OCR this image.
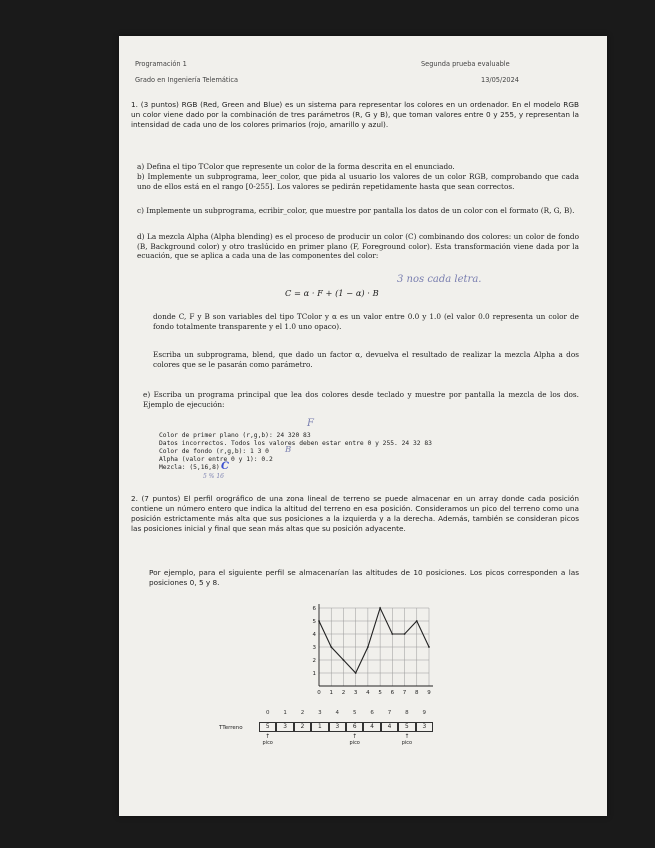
Programación 1
Grado en Ingeniería Telemática
Segunda prueba evaluable
13/05/2024
1. (3 puntos) RGB (Red, Green and Blue) es un sistema para representar los colores en un ordenador. En el modelo RGB un color viene dado por la combinación de tres parámetros (R, G y B), que toman valores entre 0 y 255, y representan la intensidad de cada uno de los colores primarios (rojo, amarillo y azul).
a) Defina el tipo TColor que represente un color de la forma descrita en el enunciado.
b) Implemente un subprograma, leer_color, que pida al usuario los valores de un color RGB, comprobando que cada uno de ellos está en el rango [0-255]. Los valores se pedirán repetidamente hasta que sean correctos.
c) Implemente un subprograma, ecribir_color, que muestre por pantalla los datos de un color con el formato (R, G, B).
d) La mezcla Alpha (Alpha blending) es el proceso de producir un color (C) combinando dos colores: un color de fondo (B, Background color) y otro traslúcido en primer plano (F, Foreground color). Esta transformación viene dada por la ecuación, que se aplica a cada una de las componentes del color:
C = α · F + (1 − α) · B
3 nos cada letra.
donde C, F y B son variables del tipo TColor y α es un valor entre 0.0 y 1.0 (el valor 0.0 representa un color de fondo totalmente transparente y el 1.0 uno opaco).
Escriba un subprograma, blend, que dado un factor α, devuelva el resultado de realizar la mezcla Alpha a dos colores que se le pasarán como parámetro.
e) Escriba un programa principal que lea dos colores desde teclado y muestre por pantalla la mezcla de los dos. Ejemplo de ejecución:
F
Color de primer plano (r,g,b): 24 320 83
Datos incorrectos. Todos los valores deben estar entre 0 y 255. 24 32 83
Color de fondo (r,g,b): 1 3 0 B
Alpha (valor entre 0 y 1): 0.2
Mezcla: (5,16,8) C
5 % 16
2. (7 puntos) El perfil orográfico de una zona lineal de terreno se puede almacenar en un array donde cada posición contiene un número entero que indica la altitud del terreno en esa posición. Consideramos un pico del terreno como una posición estrictamente más alta que sus posiciones a la izquierda y a la derecha. Además, también se consideran picos las posiciones inicial y final que sean más altas que su posición adyacente.
Por ejemplo, para el siguiente perfil se almacenarían las altitudes de 10 posiciones. Los picos corresponden a las posiciones 0, 5 y 8.
0 1 2 3 4 5 6 7 8 9
1
2
3
4
5
6
0	1	2	3	4	5	6	7	8	9
TTerreno	5	3	2	1	3	6	4	4	5	3
↑
pico
↑
pico
↑
pico
